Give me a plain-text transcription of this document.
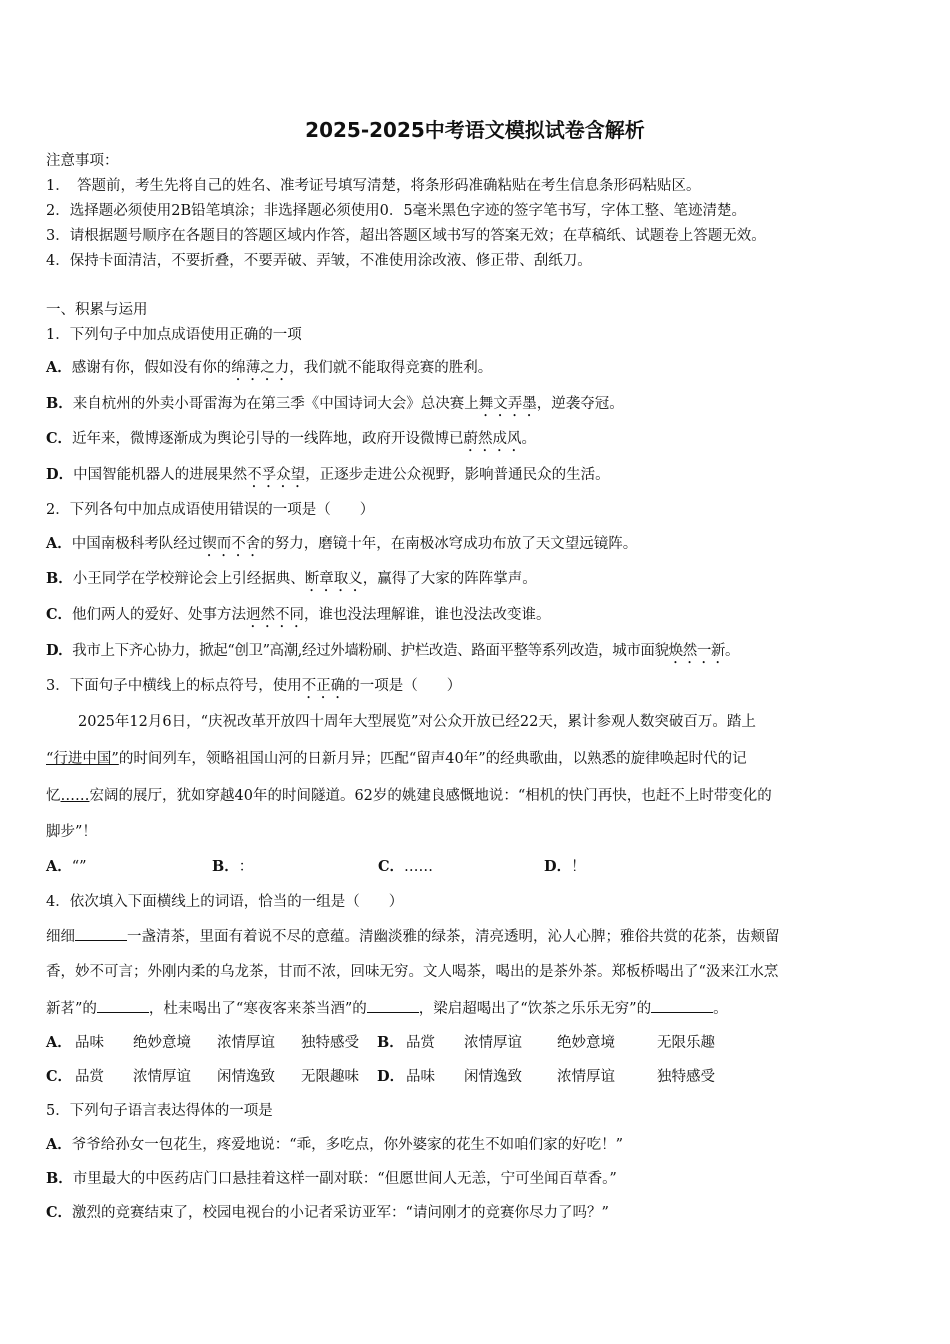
2025-2025中考语文模拟试卷含解析
注意事项：
1．　答题前，考生先将自己的姓名、准考证号填写清楚，将条形码准确粘贴在考生信息条形码粘贴区。
2．选择题必须使用2B铅笔填涂；非选择题必须使用0．5毫米黑色字迹的签字笔书写，字体工整、笔迹清楚。
3．请根据题号顺序在各题目的答题区域内作答，超出答题区域书写的答案无效；在草稿纸、试题卷上答题无效。
4．保持卡面清洁，不要折叠，不要弄破、弄皱，不准使用涂改液、修正带、刮纸刀。
一、积累与运用
1．下列句子中加点成语使用正确的一项
A．感谢有你，假如没有你的绵薄之力，我们就不能取得竞赛的胜利。
B．来自杭州的外卖小哥雷海为在第三季《中国诗词大会》总决赛上舞文弄墨，逆袭夺冠。
C．近年来，微博逐渐成为舆论引导的一线阵地，政府开设微博已蔚然成风。
D．中国智能机器人的进展果然不孚众望，正逐步走进公众视野，影响普通民众的生活。
2．下列各句中加点成语使用错误的一项是（　　）
A．中国南极科考队经过锲而不舍的努力，磨镜十年，在南极冰穹成功布放了天文望远镜阵。
B．小王同学在学校辩论会上引经据典、断章取义，赢得了大家的阵阵掌声。
C．他们两人的爱好、处事方法迥然不同，谁也没法理解谁，谁也没法改变谁。
D．我市上下齐心协力，掀起“创卫”高潮,经过外墙粉刷、护栏改造、路面平整等系列改造，城市面貌焕然一新。
3．下面句子中横线上的标点符号，使用不正确的一项是（　　）
2025年12月6日，“庆祝改革开放四十周年大型展览”对公众开放已经22天，累计参观人数突破百万。踏上
“行进中国”的时间列车，领略祖国山河的日新月异；匹配“留声40年”的经典歌曲，以熟悉的旋律唤起时代的记
忆……宏阔的展厅，犹如穿越40年的时间隧道。62岁的姚建良感慨地说：“相机的快门再快，也赶不上时带变化的
脚步”！
A．“”	B．：	C．……	D．！
4．依次填入下面横线上的词语，恰当的一组是（　　）
细细	一盏清茶，里面有着说不尽的意蕴。清幽淡雅的绿茶，清亮透明，沁人心脾；雅俗共赏的花茶，齿颊留
香，妙不可言；外刚内柔的乌龙茶，甘而不浓，回味无穷。文人喝茶，喝出的是茶外茶。郑板桥喝出了“汲来江水烹
新茗”的	，杜耒喝出了“寒夜客来茶当酒”的	，梁启超喝出了“饮茶之乐乐无穷”的	。
A． 品味 绝妙意境 浓情厚谊 独特感受 B． 品赏 浓情厚谊 绝妙意境	无限乐趣
C． 品赏 浓情厚谊 闲情逸致 无限趣味 D． 品味 闲情逸致 浓情厚谊	独特感受
5．下列句子语言表达得体的一项是
A．爷爷给孙女一包花生，疼爱地说：“乖，多吃点，你外婆家的花生不如咱们家的好吃！”
B．市里最大的中医药店门口悬挂着这样一副对联：“但愿世间人无恙，宁可坐闻百草香。”
C．激烈的竞赛结束了，校园电视台的小记者采访亚军：“请问刚才的竞赛你尽力了吗？”
